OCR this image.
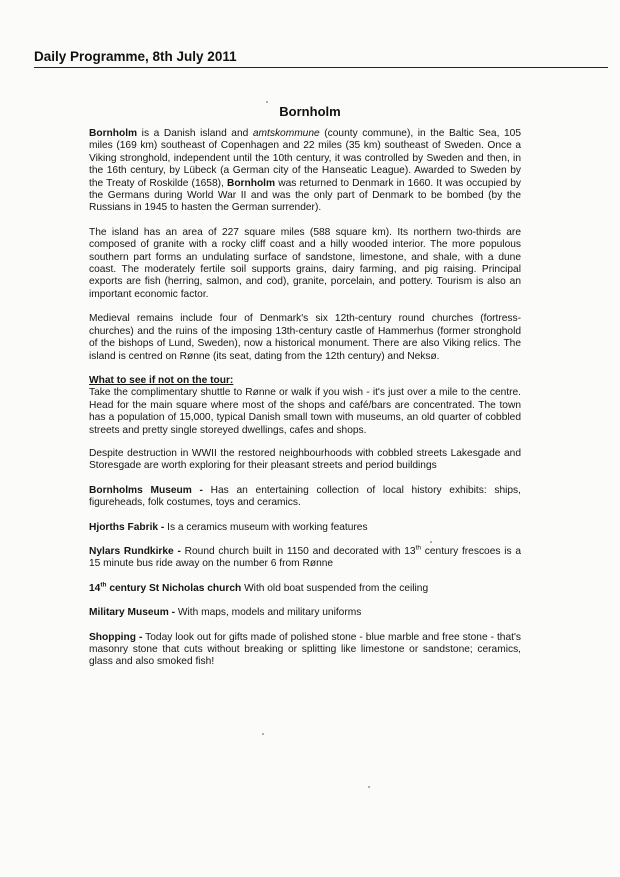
Daily Programme, 8th July 2011
Bornholm

Bornholm is a Danish island and amtskommune (county commune), in the Baltic Sea, 105 miles (169 km) southeast of Copenhagen and 22 miles (35 km) southeast of Sweden. Once a Viking stronghold, independent until the 10th century, it was controlled by Sweden and then, in the 16th century, by Lübeck (a German city of the Hanseatic League). Awarded to Sweden by the Treaty of Roskilde (1658), Bornholm was returned to Denmark in 1660. It was occupied by the Germans during World War II and was the only part of Denmark to be bombed (by the Russians in 1945 to hasten the German surrender).

The island has an area of 227 square miles (588 square km). Its northern two-thirds are composed of granite with a rocky cliff coast and a hilly wooded interior. The more populous southern part forms an undulating surface of sandstone, limestone, and shale, with a dune coast. The moderately fertile soil supports grains, dairy farming, and pig raising. Principal exports are fish (herring, salmon, and cod), granite, porcelain, and pottery. Tourism is also an important economic factor.

Medieval remains include four of Denmark's six 12th-century round churches (fortress-churches) and the ruins of the imposing 13th-century castle of Hammerhus (former stronghold of the bishops of Lund, Sweden), now a historical monument. There are also Viking relics. The island is centred on Rønne (its seat, dating from the 12th century) and Neksø.

What to see if not on the tour:
Take the complimentary shuttle to Rønne or walk if you wish - it's just over a mile to the centre. Head for the main square where most of the shops and café/bars are concentrated. The town has a population of 15,000, typical Danish small town with museums, an old quarter of cobbled streets and pretty single storeyed dwellings, cafes and shops.

Despite destruction in WWII the restored neighbourhoods with cobbled streets Lakesgade and Storesgade are worth exploring for their pleasant streets and period buildings

Bornholms Museum - Has an entertaining collection of local history exhibits: ships, figureheads, folk costumes, toys and ceramics.

Hjorths Fabrik - Is a ceramics museum with working features

Nylars Rundkirke - Round church built in 1150 and decorated with 13th century frescoes is a 15 minute bus ride away on the number 6 from Rønne

14th century St Nicholas church With old boat suspended from the ceiling

Military Museum - With maps, models and military uniforms

Shopping - Today look out for gifts made of polished stone - blue marble and free stone - that's masonry stone that cuts without breaking or splitting like limestone or sandstone; ceramics, glass and also smoked fish!
